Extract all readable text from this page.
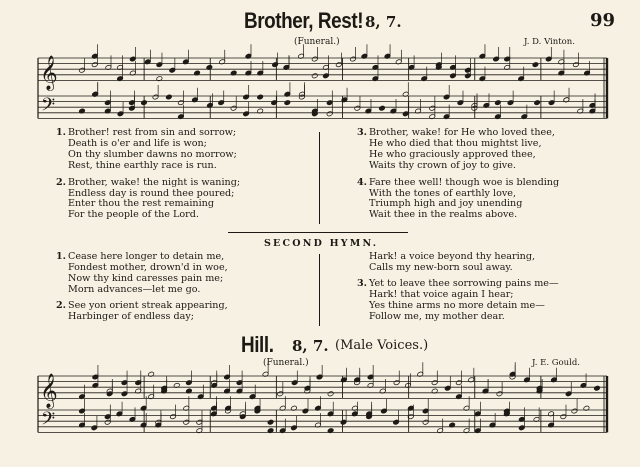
Brother, Rest! 8, 7.	99
(Funeral.)	J. D. Vinton.
𝄞
𝄢
𝄞
𝄢
1. Brother! rest from sin and sorrow;
Death is o'er and life is won;
On thy slumber dawns no morrow;
Rest, thine earthly race is run.
2. Brother, wake! the night is waning;
Endless day is round thee poured;
Enter thou the rest remaining
For the people of the Lord.
3. Brother, wake! for He who loved thee,
He who died that thou mightst live,
He who graciously approved thee,
Waits thy crown of joy to give.
4. Fare thee well! though woe is blending
With the tones of earthly love,
Triumph high and joy unending
Wait thee in the realms above.
SECOND HYMN.
1. Cease here longer to detain me,
Fondest mother, drown'd in woe,
Now thy kind caresses pain me;
Morn advances—let me go.
2. See yon orient streak appearing,
Harbinger of endless day;
Hark! a voice beyond thy hearing,
Calls my new-born soul away.
3. Yet to leave thee sorrowing pains me—
Hark! that voice again I hear;
Yes thine arms no more detain me—
Follow me, my mother dear.
Hill. 8, 7. (Male Voices.)
(Funeral.)	J. E. Gould.
